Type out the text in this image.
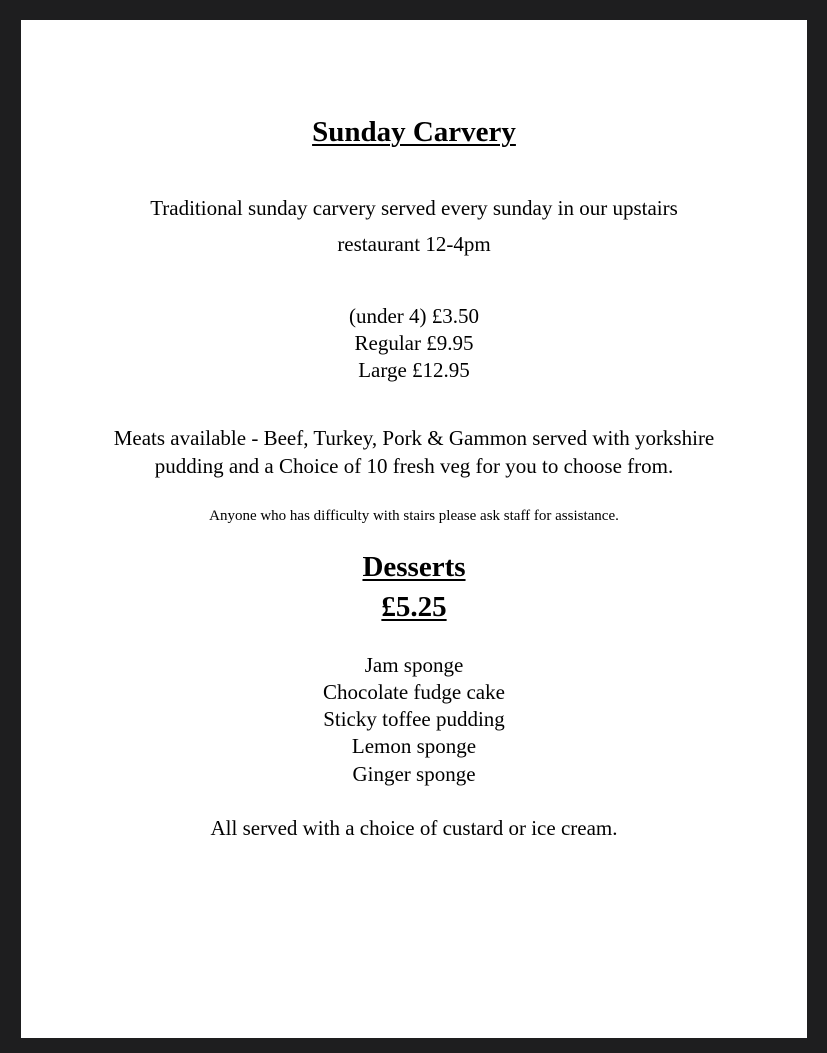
Sunday Carvery
Traditional sunday carvery served every sunday in our upstairs
restaurant 12-4pm
(under 4) £3.50
Regular £9.95
Large £12.95
Meats available - Beef, Turkey, Pork & Gammon served with yorkshire
pudding and a Choice of 10 fresh veg for you to choose from.
Anyone who has difficulty with stairs please ask staff for assistance.
Desserts
£5.25
Jam sponge
Chocolate fudge cake
Sticky toffee pudding
Lemon sponge
Ginger sponge
All served with a choice of custard or ice cream.
